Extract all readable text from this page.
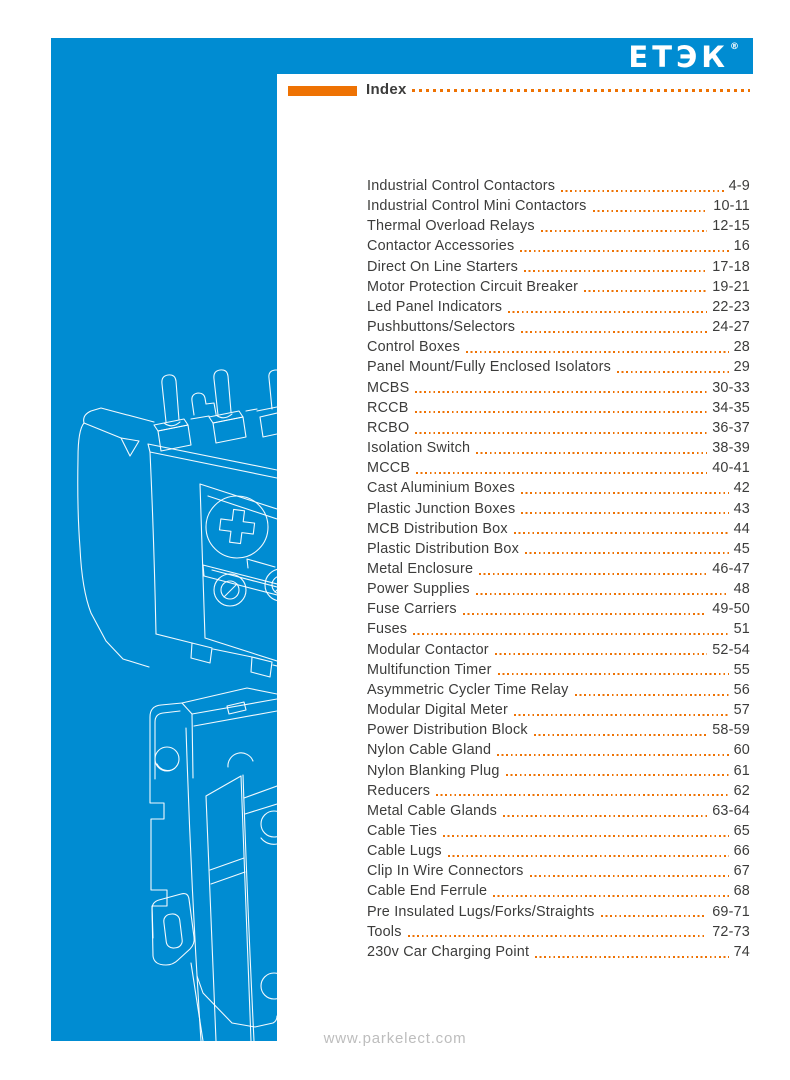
ЕТЭК ®
Index
Industrial Control Contactors	4-9
Industrial Control Mini Contactors	10-11
Thermal Overload Relays	12-15
Contactor Accessories	16
Direct On Line Starters	17-18
Motor Protection Circuit Breaker	19-21
Led Panel Indicators	22-23
Pushbuttons/Selectors	24-27
Control Boxes	28
Panel Mount/Fully Enclosed Isolators	29
MCBS	30-33
RCCB	34-35
RCBO	36-37
Isolation Switch	38-39
MCCB	40-41
Cast Aluminium Boxes	42
Plastic Junction Boxes	43
MCB Distribution Box	44
Plastic Distribution Box	45
Metal Enclosure	46-47
Power Supplies	48
Fuse Carriers	49-50
Fuses	51
Modular Contactor	52-54
Multifunction Timer	55
Asymmetric Cycler Time Relay	56
Modular Digital Meter	57
Power Distribution Block	58-59
Nylon Cable Gland	60
Nylon Blanking Plug	61
Reducers	62
Metal Cable Glands	63-64
Cable Ties	65
Cable Lugs	66
Clip In Wire Connectors	67
Cable End Ferrule	68
Pre Insulated Lugs/Forks/Straights	69-71
Tools	72-73
230v Car Charging Point	74
www.parkelect.com
